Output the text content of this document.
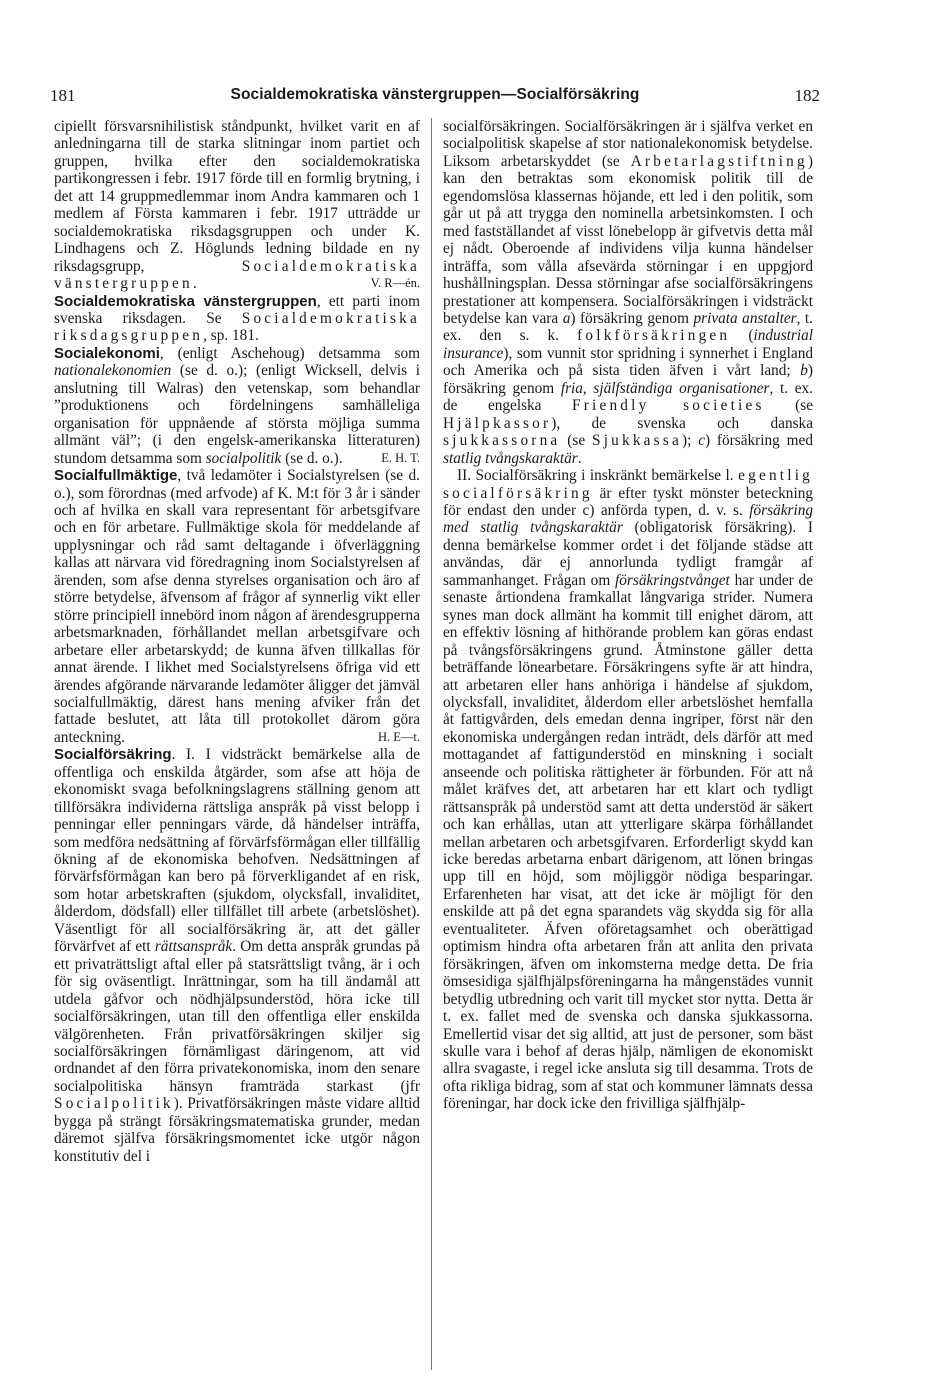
181	Socialdemokratiska vänstergruppen—Socialförsäkring	182

cipiellt försvarsnihilistisk ståndpunkt, hvilket varit en af anledningarna till de starka slitningar inom partiet och gruppen, hvilka efter den socialdemokratiska partikongressen i febr. 1917 förde till en formlig brytning, i det att 14 gruppmedlemmar inom Andra kammaren och 1 medlem af Första kammaren i febr. 1917 utträdde ur socialdemokratiska riksdagsgruppen och under K. Lindhagens och Z. Höglunds ledning bildade en ny riksdagsgrupp, Socialdemokratiska vänstergruppen.	V. R—én.

Socialdemokratiska vänstergruppen, ett parti inom svenska riksdagen. Se Socialdemokratiska riksdagsgruppen, sp. 181.

Socialekonomi, (enligt Aschehoug) detsamma som nationalekonomien (se d. o.); (enligt Wicksell, delvis i anslutning till Walras) den vetenskap, som behandlar ”produktionens och fördelningens samhälleliga organisation för uppnående af största möjliga summa allmänt väl”; (i den engelsk-amerikanska litteraturen) stundom detsamma som socialpolitik (se d. o.).	E. H. T.

Socialfullmäktige, två ledamöter i Socialstyrelsen (se d. o.), som förordnas (med arfvode) af K. M:t för 3 år i sänder och af hvilka en skall vara representant för arbetsgifvare och en för arbetare. Fullmäktige skola för meddelande af upplysningar och råd samt deltagande i öfverläggning kallas att närvara vid föredragning inom Socialstyrelsen af ärenden, som afse denna styrelses organisation och äro af större betydelse, äfvensom af frågor af synnerlig vikt eller större principiell innebörd inom någon af ärendesgrupperna arbetsmarknaden, förhållandet mellan arbetsgifvare och arbetare eller arbetarskydd; de kunna äfven tillkallas för annat ärende. I likhet med Socialstyrelsens öfriga vid ett ärendes afgörande närvarande ledamöter åligger det jämväl socialfullmäktig, därest hans mening afviker från det fattade beslutet, att låta till protokollet därom göra anteckning.	H. E—t.

Socialförsäkring. I. I vidsträckt bemärkelse alla de offentliga och enskilda åtgärder, som afse att höja de ekonomiskt svaga befolkningslagrens ställning genom att tillförsäkra individerna rättsliga anspråk på visst belopp i penningar eller penningars värde, då händelser inträffa, som medföra nedsättning af förvärfsförmågan eller tillfällig ökning af de ekonomiska behofven. Nedsättningen af förvärfsförmågan kan bero på förverkligandet af en risk, som hotar arbetskraften (sjukdom, olycksfall, invaliditet, ålderdom, dödsfall) eller tillfället till arbete (arbetslöshet). Väsentligt för all socialförsäkring är, att det gäller förvärfvet af ett rättsanspråk. Om detta anspråk grundas på ett privaträttsligt aftal eller på statsrättsligt tvång, är i och för sig oväsentligt. Inrättningar, som ha till ändamål att utdela gåfvor och nödhjälpsunderstöd, höra icke till socialförsäkringen, utan till den offentliga eller enskilda välgörenheten. Från privatförsäkringen skiljer sig socialförsäkringen förnämligast däringenom, att vid ordnandet af den förra privatekonomiska, inom den senare socialpolitiska hänsyn framträda starkast (jfr Socialpolitik). Privatförsäkringen måste vidare alltid bygga på strängt försäkringsmatematiska grunder, medan däremot själfva försäkringsmomentet icke utgör någon konstitutiv del i

socialförsäkringen. Socialförsäkringen är i själfva verket en socialpolitisk skapelse af stor nationalekonomisk betydelse. Liksom arbetarskyddet (se Arbetarlagstiftning) kan den betraktas som ekonomisk politik till de egendomslösa klassernas höjande, ett led i den politik, som går ut på att trygga den nominella arbetsinkomsten. I och med fastställandet af visst lönebelopp är gifvetvis detta mål ej nådt. Oberoende af individens vilja kunna händelser inträffa, som vålla afsevärda störningar i en uppgjord hushållningsplan. Dessa störningar afse socialförsäkringens prestationer att kompensera. Socialförsäkringen i vidsträckt betydelse kan vara a) försäkring genom privata anstalter, t. ex. den s. k. folkförsäkringen (industrial insurance), som vunnit stor spridning i synnerhet i England och Amerika och på sista tiden äfven i vårt land; b) försäkring genom fria, själfständiga organisationer, t. ex. de engelska Friendly societies (se Hjälpkassor), de svenska och danska sjukkassorna (se Sjukkassa); c) försäkring med statlig tvångskaraktär.

II. Socialförsäkring i inskränkt bemärkelse l. egentlig socialförsäkring är efter tyskt mönster beteckning för endast den under c) anförda typen, d. v. s. försäkring med statlig tvångskaraktär (obligatorisk försäkring). I denna bemärkelse kommer ordet i det följande städse att användas, där ej annorlunda tydligt framgår af sammanhanget. Frågan om försäkringstvånget har under de senaste årtiondena framkallat långvariga strider. Numera synes man dock allmänt ha kommit till enighet därom, att en effektiv lösning af hithörande problem kan göras endast på tvångsförsäkringens grund. Åtminstone gäller detta beträffande lönearbetare. Försäkringens syfte är att hindra, att arbetaren eller hans anhöriga i händelse af sjukdom, olycksfall, invaliditet, ålderdom eller arbetslöshet hemfalla åt fattigvården, dels emedan denna ingriper, först när den ekonomiska undergången redan inträdt, dels därför att med mottagandet af fattigunderstöd en minskning i socialt anseende och politiska rättigheter är förbunden. För att nå målet kräfves det, att arbetaren har ett klart och tydligt rättsanspråk på understöd samt att detta understöd är säkert och kan erhållas, utan att ytterligare skärpa förhållandet mellan arbetaren och arbetsgifvaren. Erforderligt skydd kan icke beredas arbetarna enbart därigenom, att lönen bringas upp till en höjd, som möjliggör nödiga besparingar. Erfarenheten har visat, att det icke är möjligt för den enskilde att på det egna sparandets väg skydda sig för alla eventualiteter. Äfven oföretagsamhet och oberättigad optimism hindra ofta arbetaren från att anlita den privata försäkringen, äfven om inkomsterna medge detta. De fria ömsesidiga själfhjälpsföreningarna ha mångenstädes vunnit betydlig utbredning och varit till mycket stor nytta. Detta är t. ex. fallet med de svenska och danska sjukkassorna. Emellertid visar det sig alltid, att just de personer, som bäst skulle vara i behof af deras hjälp, nämligen de ekonomiskt allra svagaste, i regel icke ansluta sig till desamma. Trots de ofta rikliga bidrag, som af stat och kommuner lämnats dessa föreningar, har dock icke den frivilliga själfhjälp-
